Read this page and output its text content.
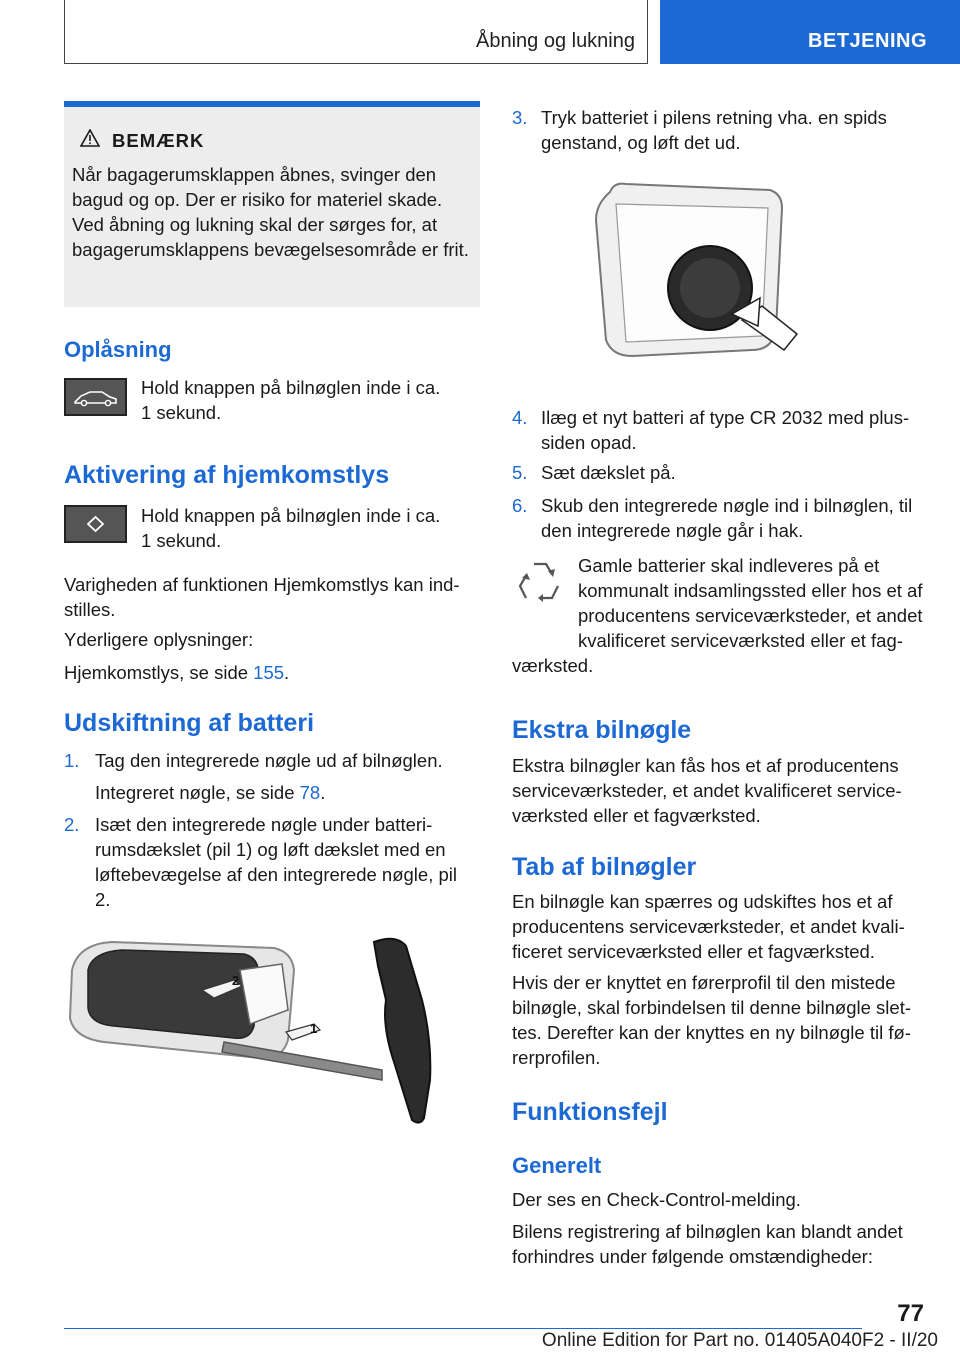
Åbning og lukning	BETJENING
BEMÆRK

Når bagagerumsklappen åbnes, svinger den bagud og op. Der er risiko for materiel skade. Ved åbning og lukning skal der sørges for, at bagagerumsklappens bevægelsesområde er frit.

Oplåsning

Hold knappen på bilnøglen inde i ca.

1 sekund.

Aktivering af hjemkomstlys

Hold knappen på bilnøglen inde i ca.

1 sekund.

Varigheden af funktionen Hjemkomstlys kan ind- stilles.

Yderligere oplysninger:

Hjemkomstlys, se side 155.

Udskiftning af batteri
1. Tag den integrerede nøgle ud af bilnøglen.

Integreret nøgle, se side 78.

2. Isæt den integrerede nøgle under batteri- rumsdækslet (pil 1) og løft dækslet med en løftebevægelse af den integrerede nøgle, pil 2.

2
1
3. Tryk batteriet i pilens retning vha. en spids genstand, og løft det ud.

4. Ilæg et nyt batteri af type CR 2032 med plus- siden opad.

5. Sæt dækslet på.

6. Skub den integrerede nøgle ind i bilnøglen, til den integrerede nøgle går i hak.

Gamle batterier skal indleveres på et kommunalt indsamlingssted eller hos et af producentens serviceværksteder, et andet kvalificeret serviceværksted eller et fag- værksted.
Ekstra bilnøgle

Ekstra bilnøgler kan fås hos et af producentens serviceværksteder, et andet kvalificeret service- værksted eller et fagværksted.

Tab af bilnøgler

En bilnøgle kan spærres og udskiftes hos et af producentens serviceværksteder, et andet kvali- ficeret serviceværksted eller et fagværksted.

Hvis der er knyttet en førerprofil til den mistede bilnøgle, skal forbindelsen til denne bilnøgle slet- tes. Derefter kan der knyttes en ny bilnøgle til fø- rerprofilen.

Funktionsfejl
Generelt

Der ses en Check-Control-melding.

Bilens registrering af bilnøglen kan blandt andet forhindres under følgende omstændigheder:

77
Online Edition for Part no. 01405A040F2 - II/20
